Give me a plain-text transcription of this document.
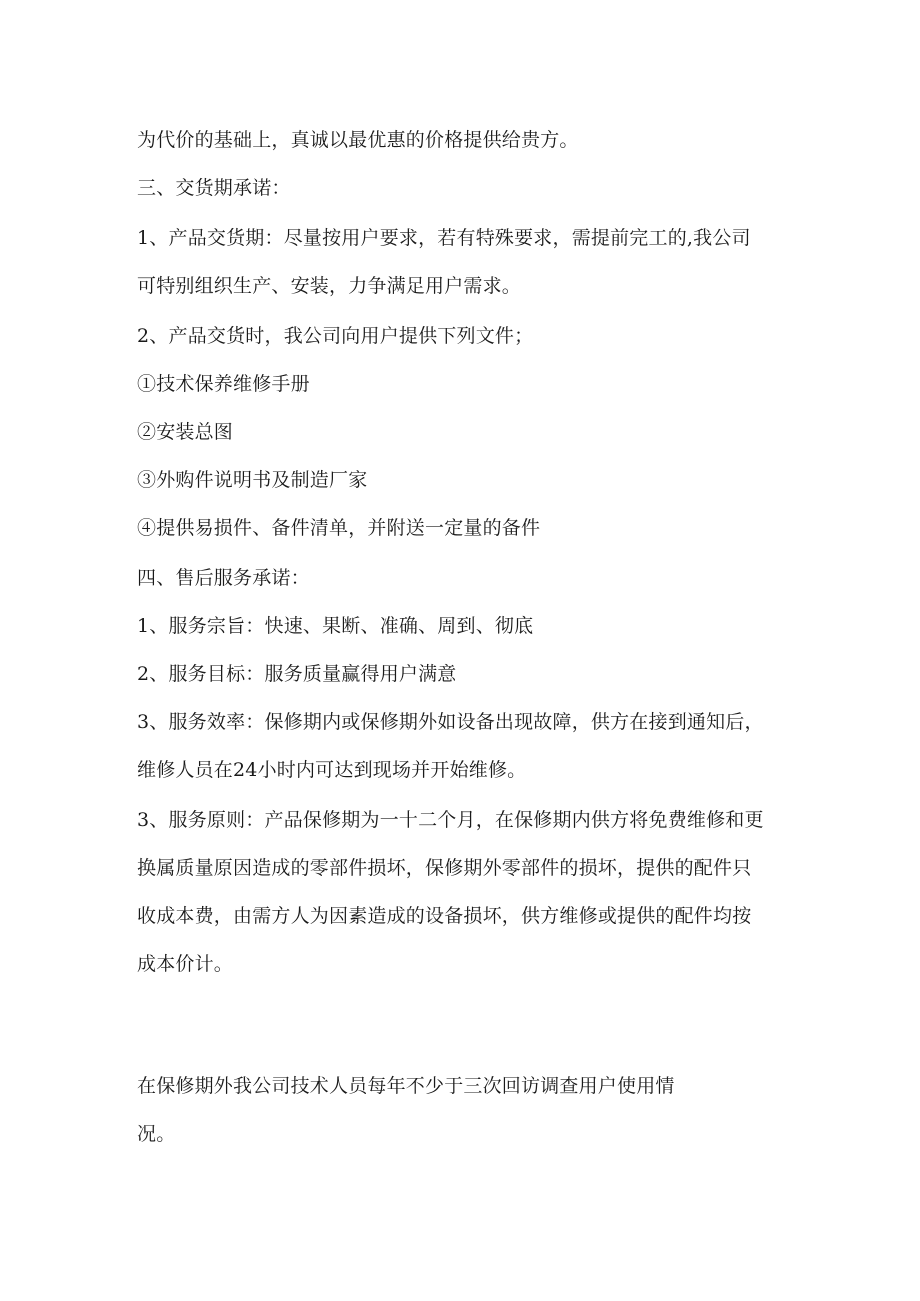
为代价的基础上，真诚以最优惠的价格提供给贵方。
三、交货期承诺：
1、产品交货期：尽量按用户要求，若有特殊要求，需提前完工的,我公司
可特别组织生产、安装，力争满足用户需求。
2、产品交货时，我公司向用户提供下列文件；
①技术保养维修手册
②安装总图
③外购件说明书及制造厂家
④提供易损件、备件清单，并附送一定量的备件
四、售后服务承诺：
1、服务宗旨：快速、果断、准确、周到、彻底
2、服务目标：服务质量赢得用户满意
3、服务效率：保修期内或保修期外如设备出现故障，供方在接到通知后，
维修人员在24小时内可达到现场并开始维修。
3、服务原则：产品保修期为一十二个月，在保修期内供方将免费维修和更
换属质量原因造成的零部件损坏，保修期外零部件的损坏，提供的配件只
收成本费，由需方人为因素造成的设备损坏，供方维修或提供的配件均按
成本价计。
在保修期外我公司技术人员每年不少于三次回访调查用户使用情
况。
